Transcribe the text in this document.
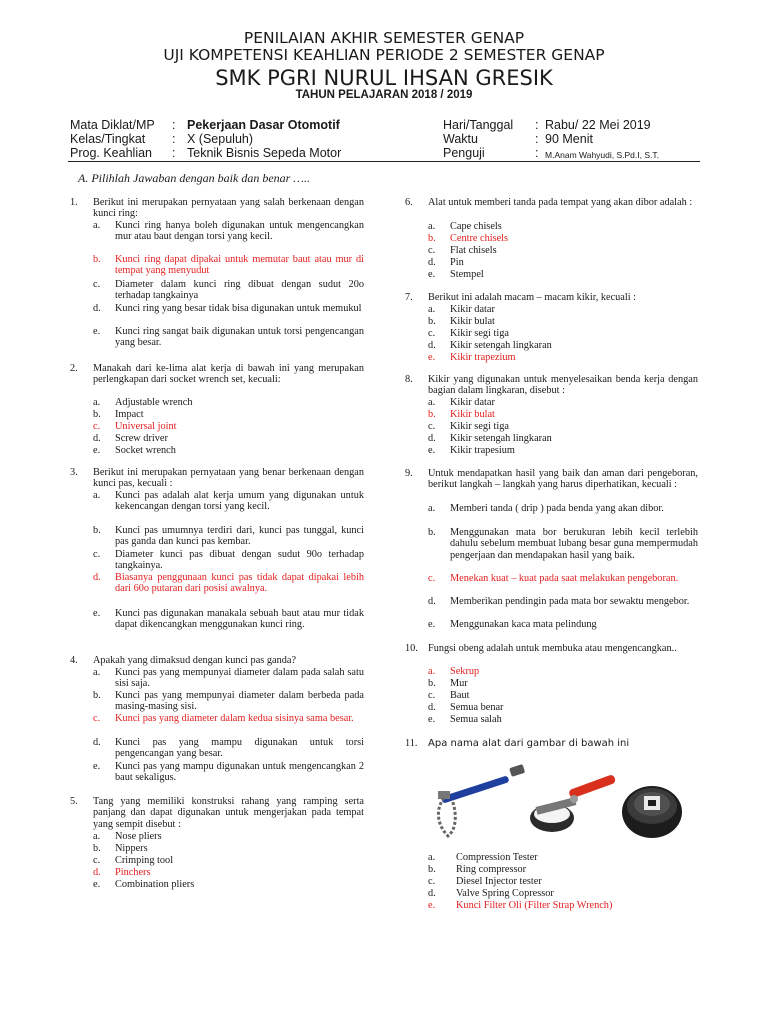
PENILAIAN AKHIR SEMESTER GENAP
UJI KOMPETENSI KEAHLIAN PERIODE 2 SEMESTER GENAP
SMK PGRI NURUL IHSAN GRESIK
TAHUN PELAJARAN 2018 / 2019
Mata Diklat/MP : Pekerjaan Dasar Otomotif
Kelas/Tingkat : X (Sepuluh)
Prog. Keahlian : Teknik Bisnis Sepeda Motor
Hari/Tanggal : Rabu/ 22 Mei 2019
Waktu	: 90 Menit
Penguji	: M.Anam Wahyudi, S.Pd.I, S.T.
A. Pilihlah Jawaban dengan baik dan benar …..
1. Berikut ini merupakan pernyataan yang salah berkenaan dengan kunci ring:
a. Kunci ring hanya boleh digunakan untuk mengencangkan mur atau baut dengan torsi yang kecil.
b. Kunci ring dapat dipakai untuk memutar baut atau mur di tempat yang menyudut
c. Diameter dalam kunci ring dibuat dengan sudut 20o terhadap tangkainya
d. Kunci ring yang besar tidak bisa digunakan untuk memukul
e. Kunci ring sangat baik digunakan untuk torsi pengencangan yang besar.
2. Manakah dari ke-lima alat kerja di bawah ini yang merupakan perlengkapan dari socket wrench set, kecuali:
a. Adjustable wrench
b. Impact
c. Universal joint
d. Screw driver
e. Socket wrench
3. Berikut ini merupakan pernyataan yang benar berkenaan dengan kunci pas, kecuali :
a. Kunci pas adalah alat kerja umum yang digunakan untuk kekencangan dengan torsi yang kecil.
b. Kunci pas umumnya terdiri dari, kunci pas tunggal, kunci pas ganda dan kunci pas kembar.
c. Diameter kunci pas dibuat dengan sudut 90o terhadap tangkainya.
d. Biasanya penggunaan kunci pas tidak dapat dipakai lebih dari 60o putaran dari posisi awalnya.
e. Kunci pas digunakan manakala sebuah baut atau mur tidak dapat dikencangkan menggunakan kunci ring.
4. Apakah yang dimaksud dengan kunci pas ganda?
a. Kunci pas yang mempunyai diameter dalam pada salah satu sisi saja.
b. Kunci pas yang mempunyai diameter dalam berbeda pada masing-masing sisi.
c. Kunci pas yang diameter dalam kedua sisinya sama besar.
d. Kunci pas yang mampu digunakan untuk torsi pengencangan yang besar.
e. Kunci pas yang mampu digunakan untuk mengencangkan 2 baut sekaligus.
5. Tang yang memiliki konstruksi rahang yang ramping serta panjang dan dapat digunakan untuk mengerjakan pada tempat yang sempit disebut :
a. Nose pliers
b. Nippers
c. Crimping tool
d. Pinchers
e. Combination pliers
6. Alat untuk memberi tanda pada tempat yang akan dibor adalah :
a. Cape chisels
b. Centre chisels
c. Flat chisels
d. Pin
e. Stempel
7. Berikut ini adalah macam – macam kikir, kecuali :
a. Kikir datar
b. Kikir bulat
c. Kikir segi tiga
d. Kikir setengah lingkaran
e. Kikir trapezium
8. Kikir yang digunakan untuk menyelesaikan benda kerja dengan bagian dalam lingkaran, disebut :
a. Kikir datar
b. Kikir bulat
c. Kikir segi tiga
d. Kikir setengah lingkaran
e. Kikir trapesium
9. Untuk mendapatkan hasil yang baik dan aman dari pengeboran, berikut langkah – langkah yang harus diperhatikan, kecuali :
a. Memberi tanda ( drip ) pada benda yang akan dibor.
b. Menggunakan mata bor berukuran lebih kecil terlebih dahulu sebelum membuat lubang besar guna mempermudah pengerjaan dan mendapakan hasil yang baik.
c. Menekan kuat – kuat pada saat melakukan pengeboran.
d. Memberikan pendingin pada mata bor sewaktu mengebor.
e. Menggunakan kaca mata pelindung
10. Fungsi obeng adalah untuk membuka atau mengencangkan..
a. Sekrup
b. Mur
c. Baut
d. Semua benar
e. Semua salah
11. Apa nama alat dari gambar di bawah ini
a. Compression Tester
b. Ring compressor
c. Diesel Injector tester
d. Valve Spring Copressor
e. Kunci Filter Oli (Filter Strap Wrench)
